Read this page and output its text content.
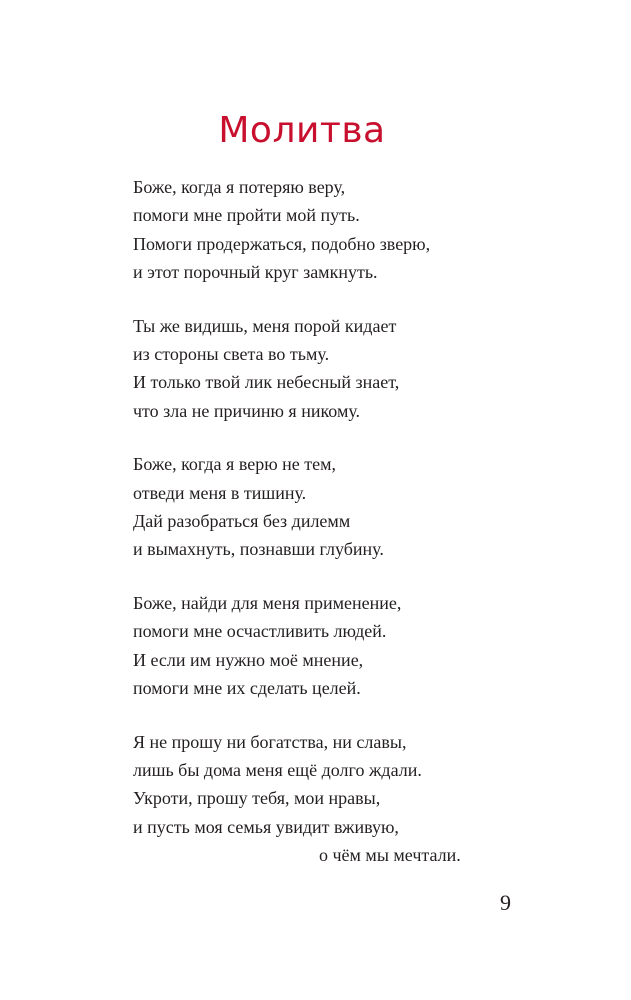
Молитва
Боже, когда я потеряю веру,
помоги мне пройти мой путь.
Помоги продержаться, подобно зверю,
и этот порочный круг замкнуть.
Ты же видишь, меня порой кидает
из стороны света во тьму.
И только твой лик небесный знает,
что зла не причиню я никому.
Боже, когда я верю не тем,
отведи меня в тишину.
Дай разобраться без дилемм
и вымахнуть, познавши глубину.
Боже, найди для меня применение,
помоги мне осчастливить людей.
И если им нужно моё мнение,
помоги мне их сделать целей.
Я не прошу ни богатства, ни славы,
лишь бы дома меня ещё долго ждали.
Укроти, прошу тебя, мои нравы,
и пусть моя семья увидит вживую,
о чём мы мечтали.
9
